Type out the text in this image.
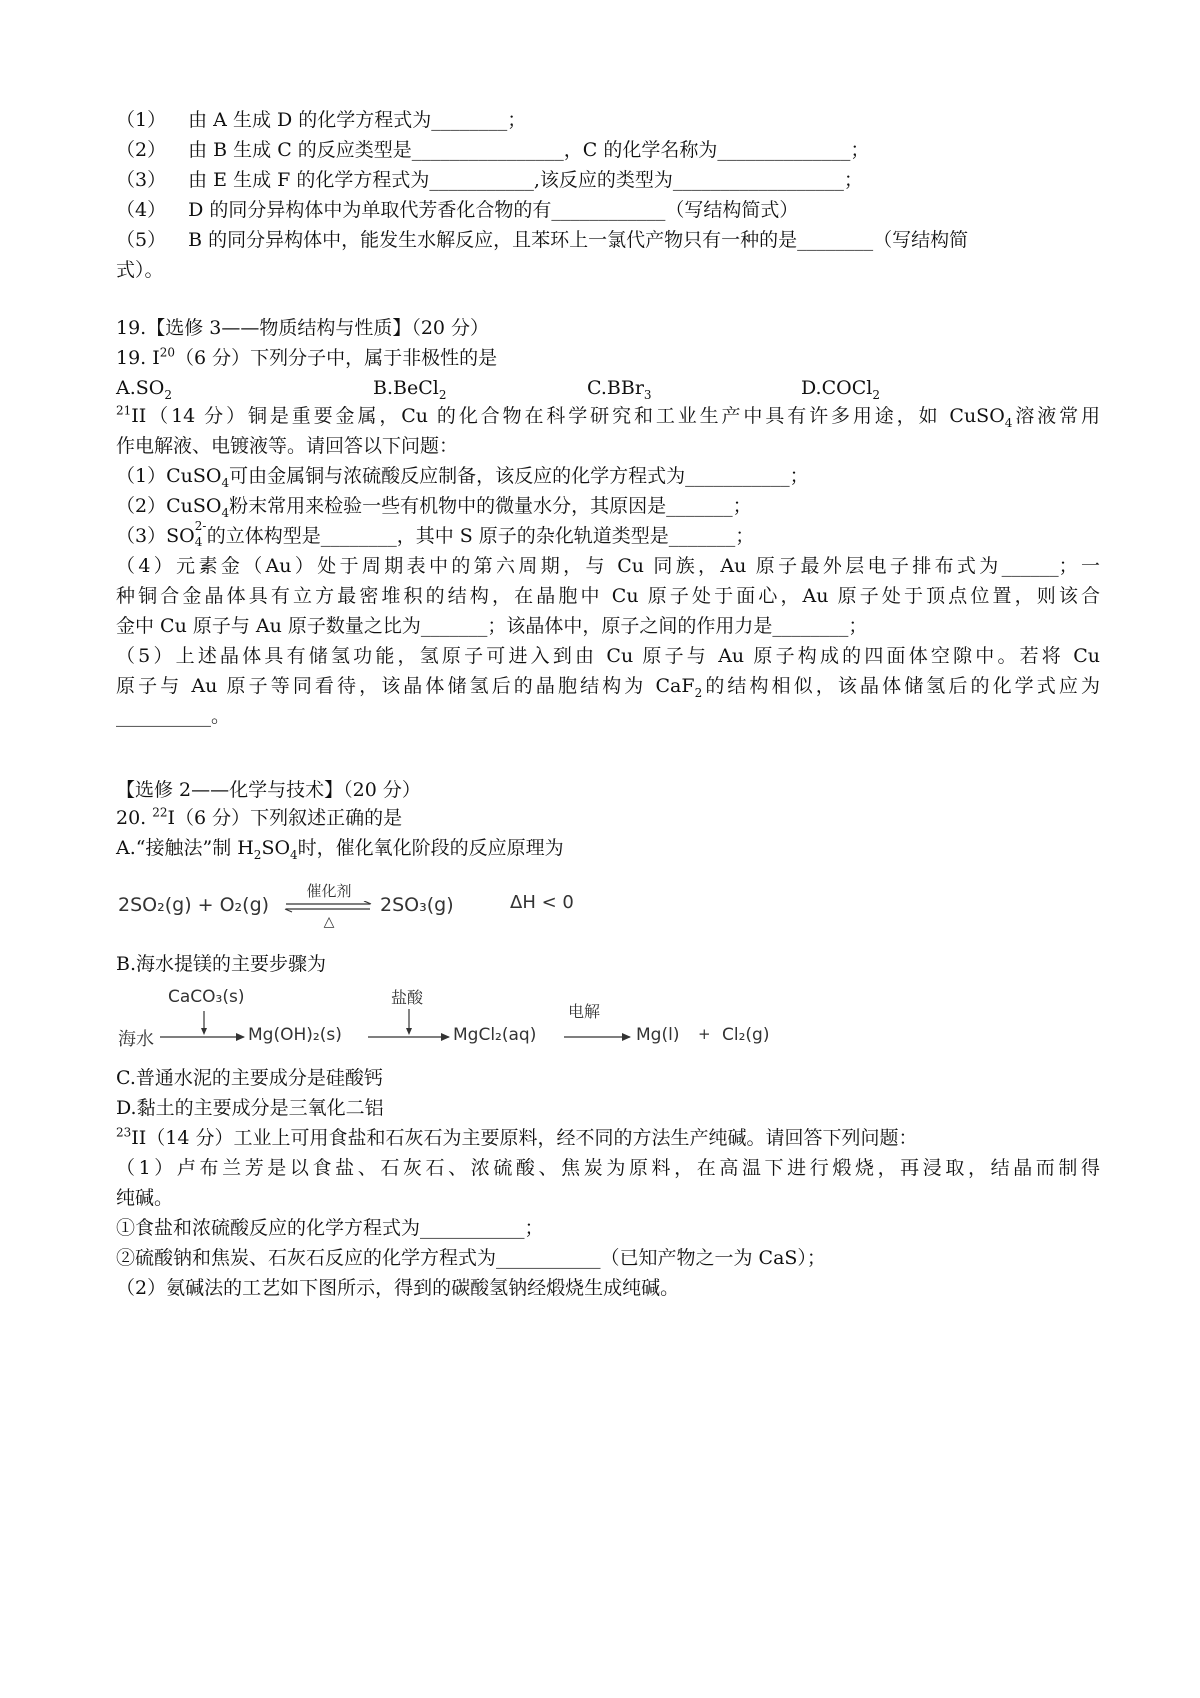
（1） 由 A 生成 D 的化学方程式为________；
（2） 由 B 生成 C 的反应类型是________________，C 的化学名称为______________；
（3） 由 E 生成 F 的化学方程式为___________,该反应的类型为__________________；
（4） D 的同分异构体中为单取代芳香化合物的有____________（写结构简式）
（5） B 的同分异构体中，能发生水解反应，且苯环上一氯代产物只有一种的是________（写结构简
式）。
19.【选修 3——物质结构与性质】（20 分）
19. $I^{20}(6$ 分）下列分子中，属于非极性的是
$A.SO_2$	B.BeCl$_2$	C.BBr$_3$	D.COCl$_2$
$^{21}$II（14 分）铜是重要金属，Cu 的化合物在科学研究和工业生产中具有许多用途，如 CuSO$_4$溶液常用
作电解液、电镀液等。请回答以下问题：
（1）CuSO$_4$可由金属铜与浓硫酸反应制备，该反应的化学方程式为___________；
（2）CuSO$_4$粉末常用来检验一些有机物中的微量水分，其原因是_______；
（3）SO 2-
4 的立体构型是________，其中 S 原子的杂化轨道类型是_______；
（4）元素金（Au）处于周期表中的第六周期，与 Cu 同族，Au 原子最外层电子排布式为______；一
种铜合金晶体具有立方最密堆积的结构，在晶胞中 Cu 原子处于面心，Au 原子处于顶点位置，则该合
金中 Cu 原子与 Au 原子数量之比为_______；该晶体中，原子之间的作用力是________；
（5）上述晶体具有储氢功能，氢原子可进入到由 Cu 原子与 Au 原子构成的四面体空隙中。若将 Cu
原子与 Au 原子等同看待，该晶体储氢后的晶胞结构为 CaF$_2$的结构相似，该晶体储氢后的化学式应为
__________。
【选修 2——化学与技术】（20 分）
20. $^{22}$I（6 分）下列叙述正确的是
A.“接触法”制 $H_2SO_4$时，催化氧化阶段的反应原理为
2SO₂(g) + O₂(g)
催化剂
△
2SO₃(g)	ΔH < 0
B.海水提镁的主要步骤为
CaCO₃(s)	盐酸
电解
海水	Mg(OH)₂(s)	MgCl₂(aq)	Mg(l) + Cl₂(g)
C.普通水泥的主要成分是硅酸钙
D.黏土的主要成分是三氧化二铝
$^{23}$II（14 分）工业上可用食盐和石灰石为主要原料，经不同的方法生产纯碱。请回答下列问题：
（1）卢布兰芳是以食盐、石灰石、浓硫酸、焦炭为原料，在高温下进行煅烧，再浸取，结晶而制得
纯碱。
①食盐和浓硫酸反应的化学方程式为___________；
②硫酸钠和焦炭、石灰石反应的化学方程式为___________（已知产物之一为 CaS）；
（2）氨碱法的工艺如下图所示，得到的碳酸氢钠经煅烧生成纯碱。
